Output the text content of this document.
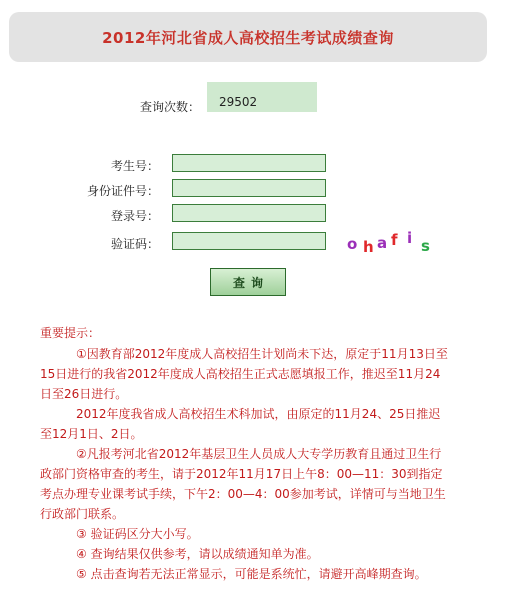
2012年河北省成人高校招生考试成绩查询
查询次数：	29502
考生号：
身份证件号：
登录号：
验证码：	o h a f i s
查询

重要提示：

①因教育部2012年度成人高校招生计划尚未下达，原定于11月13日至15日进行的我省2012年度成人高校招生正式志愿填报工作，推迟至11月24日至26日进行。

2012年度我省成人高校招生术科加试，由原定的11月24、25日推迟至12月1日、2日。

②凡报考河北省2012年基层卫生人员成人大专学历教育且通过卫生行政部门资格审查的考生，请于2012年11月17日上午8：00—11：30到指定考点办理专业课考试手续，下午2：00—4：00参加考试，详情可与当地卫生行政部门联系。

③ 验证码区分大小写。

④ 查询结果仅供参考，请以成绩通知单为准。

⑤ 点击查询若无法正常显示，可能是系统忙，请避开高峰期查询。
